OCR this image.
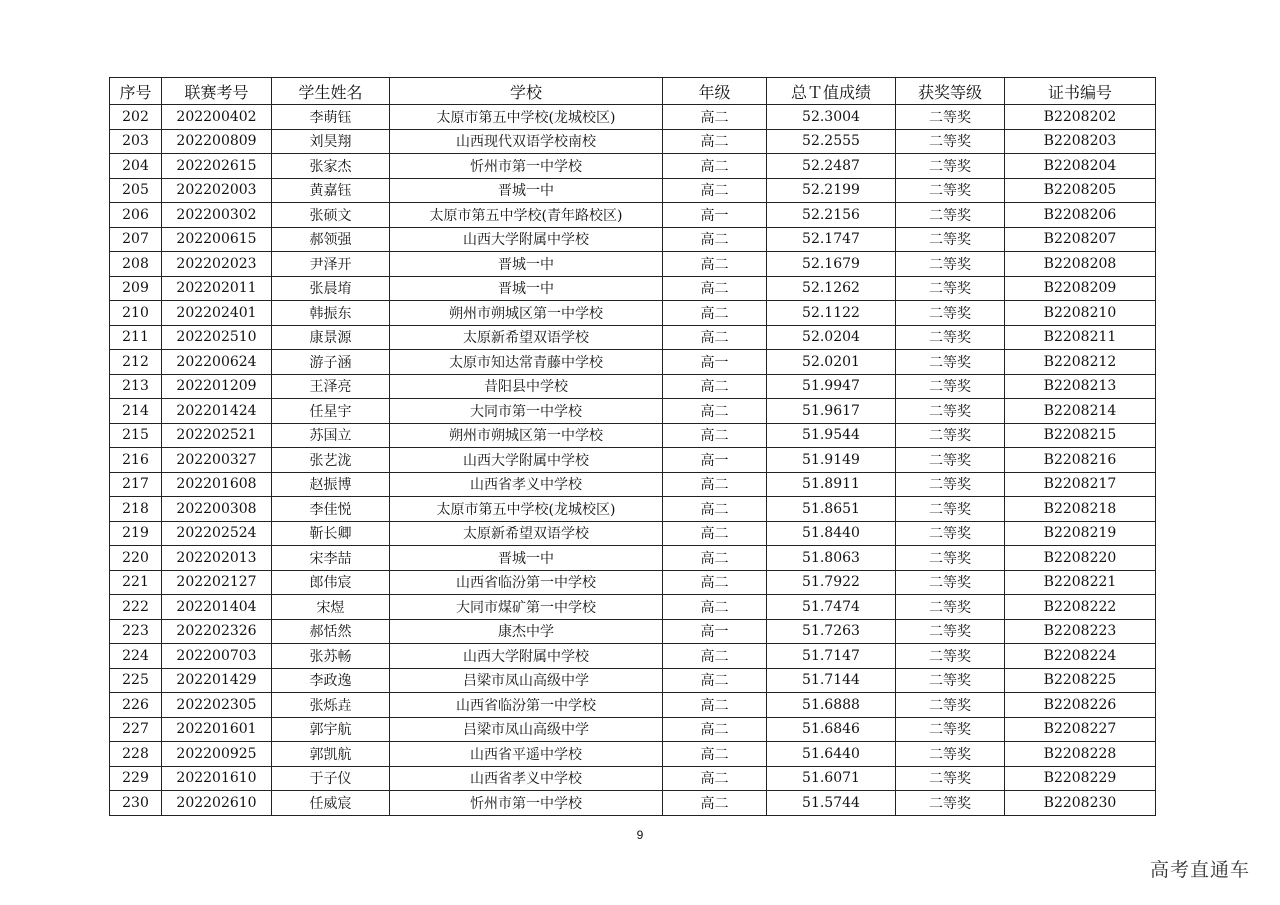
序号	联赛考号	学生姓名	学校	年级	总Ｔ值成绩	获奖等级	证书编号
202	202200402	李萌钰	太原市第五中学校(龙城校区)	高二	52.3004	二等奖	B2208202
203	202200809	刘昊翔	山西现代双语学校南校	高二	52.2555	二等奖	B2208203
204	202202615	张家杰	忻州市第一中学校	高二	52.2487	二等奖	B2208204
205	202202003	黄嘉钰	晋城一中	高二	52.2199	二等奖	B2208205
206	202200302	张硕文	太原市第五中学校(青年路校区)	高一	52.2156	二等奖	B2208206
207	202200615	郝领强	山西大学附属中学校	高二	52.1747	二等奖	B2208207
208	202202023	尹泽开	晋城一中	高二	52.1679	二等奖	B2208208
209	202202011	张晨堉	晋城一中	高二	52.1262	二等奖	B2208209
210	202202401	韩振东	朔州市朔城区第一中学校	高二	52.1122	二等奖	B2208210
211	202202510	康景源	太原新希望双语学校	高二	52.0204	二等奖	B2208211
212	202200624	游子涵	太原市知达常青藤中学校	高一	52.0201	二等奖	B2208212
213	202201209	王泽亮	昔阳县中学校	高二	51.9947	二等奖	B2208213
214	202201424	任星宇	大同市第一中学校	高二	51.9617	二等奖	B2208214
215	202202521	苏国立	朔州市朔城区第一中学校	高二	51.9544	二等奖	B2208215
216	202200327	张艺泷	山西大学附属中学校	高一	51.9149	二等奖	B2208216
217	202201608	赵振博	山西省孝义中学校	高二	51.8911	二等奖	B2208217
218	202200308	李佳悦	太原市第五中学校(龙城校区)	高二	51.8651	二等奖	B2208218
219	202202524	靳长卿	太原新希望双语学校	高二	51.8440	二等奖	B2208219
220	202202013	宋李喆	晋城一中	高二	51.8063	二等奖	B2208220
221	202202127	郎伟宸	山西省临汾第一中学校	高二	51.7922	二等奖	B2208221
222	202201404	宋煜	大同市煤矿第一中学校	高二	51.7474	二等奖	B2208222
223	202202326	郝恬然	康杰中学	高一	51.7263	二等奖	B2208223
224	202200703	张苏畅	山西大学附属中学校	高二	51.7147	二等奖	B2208224
225	202201429	李政逸	吕梁市凤山高级中学	高二	51.7144	二等奖	B2208225
226	202202305	张烁垚	山西省临汾第一中学校	高二	51.6888	二等奖	B2208226
227	202201601	郭宇航	吕梁市凤山高级中学	高二	51.6846	二等奖	B2208227
228	202200925	郭凯航	山西省平遥中学校	高二	51.6440	二等奖	B2208228
229	202201610	于子仪	山西省孝义中学校	高二	51.6071	二等奖	B2208229
230	202202610	任威宸	忻州市第一中学校	高二	51.5744	二等奖	B2208230
9
高考直通车
